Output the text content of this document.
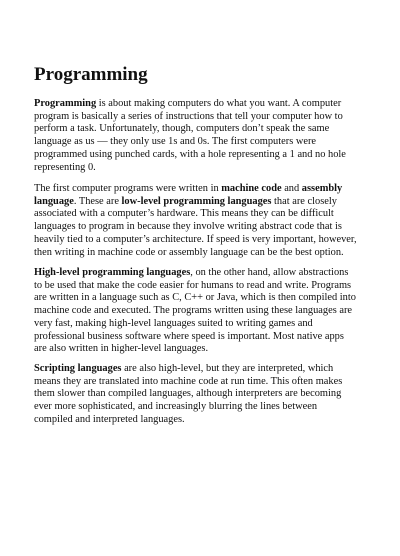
Programming
Programming is about making computers do what you want. A computer
program is basically a series of instructions that tell your computer how to
perform a task. Unfortunately, though, computers don’t speak the same
language as us — they only use 1s and 0s. The first computers were
programmed using punched cards, with a hole representing a 1 and no hole
representing 0.
The first computer programs were written in machine code and assembly
language. These are low-level programming languages that are closely
associated with a computer’s hardware. This means they can be difficult
languages to program in because they involve writing abstract code that is
heavily tied to a computer’s architecture. If speed is very important, however,
then writing in machine code or assembly language can be the best option.
High-level programming languages, on the other hand, allow abstractions
to be used that make the code easier for humans to read and write. Programs
are written in a language such as C, C++ or Java, which is then compiled into
machine code and executed. The programs written using these languages are
very fast, making high-level languages suited to writing games and
professional business software where speed is important. Most native apps
are also written in higher-level languages.
Scripting languages are also high-level, but they are interpreted, which
means they are translated into machine code at run time. This often makes
them slower than compiled languages, although interpreters are becoming
ever more sophisticated, and increasingly blurring the lines between
compiled and interpreted languages.
